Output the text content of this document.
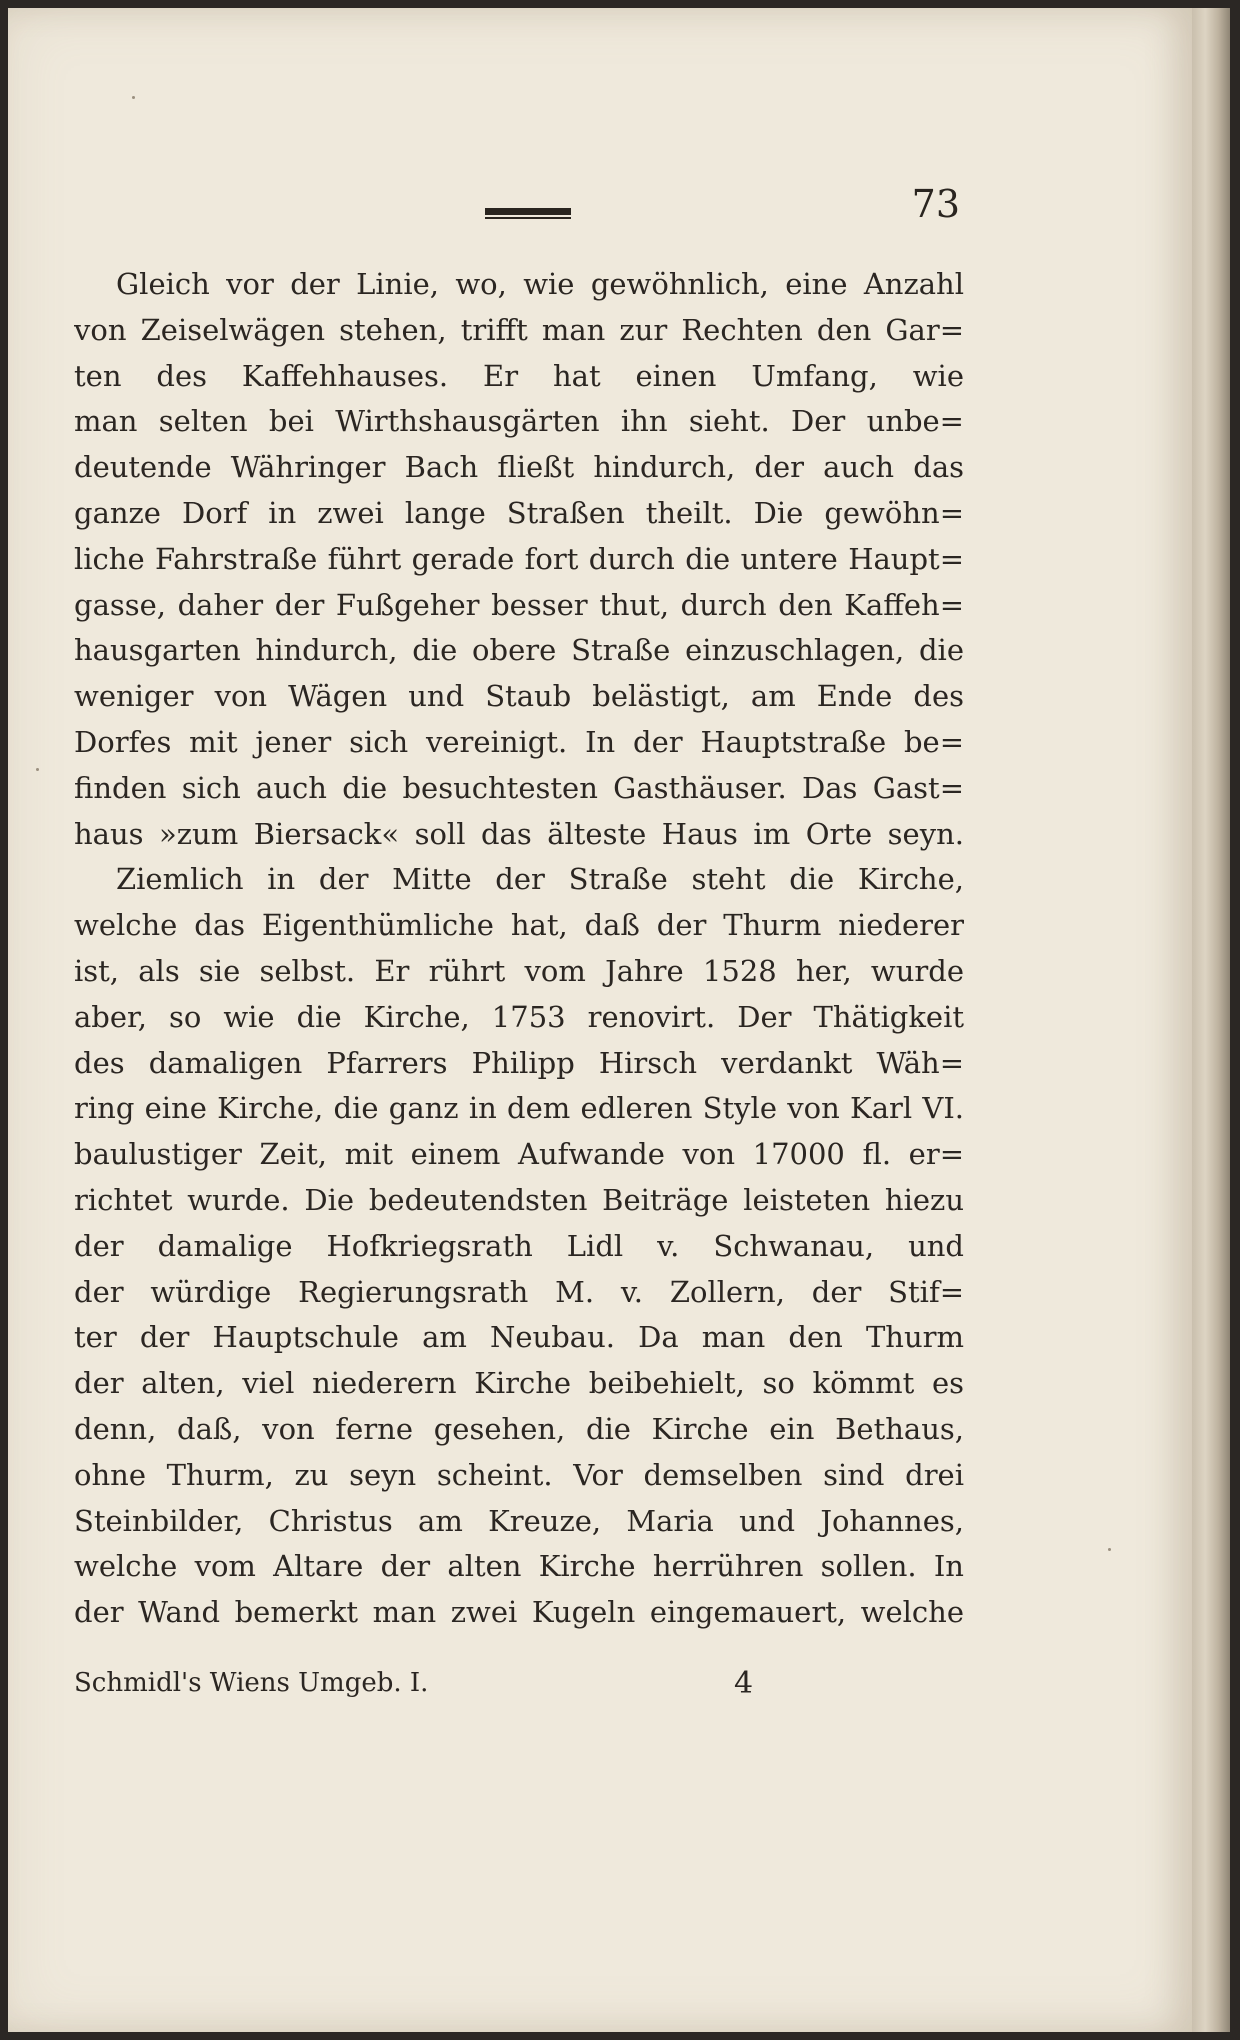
73
Gleich vor der Linie, wo, wie gewöhnlich, eine Anzahl
von Zeiselwägen stehen, trifft man zur Rechten den Gar=
ten des Kaffehhauses. Er hat einen Umfang, wie
man selten bei Wirthshausgärten ihn sieht. Der unbe=
deutende Währinger Bach fließt hindurch, der auch das
ganze Dorf in zwei lange Straßen theilt. Die gewöhn=
liche Fahrstraße führt gerade fort durch die untere Haupt=
gasse, daher der Fußgeher besser thut, durch den Kaffeh=
hausgarten hindurch, die obere Straße einzuschlagen, die
weniger von Wägen und Staub belästigt, am Ende des
Dorfes mit jener sich vereinigt. In der Hauptstraße be=
finden sich auch die besuchtesten Gasthäuser. Das Gast=
haus »zum Biersack« soll das älteste Haus im Orte seyn.
Ziemlich in der Mitte der Straße steht die Kirche,
welche das Eigenthümliche hat, daß der Thurm niederer
ist, als sie selbst. Er rührt vom Jahre 1528 her, wurde
aber, so wie die Kirche, 1753 renovirt. Der Thätigkeit
des damaligen Pfarrers Philipp Hirsch verdankt Wäh=
ring eine Kirche, die ganz in dem edleren Style von Karl VI.
baulustiger Zeit, mit einem Aufwande von 17000 fl. er=
richtet wurde. Die bedeutendsten Beiträge leisteten hiezu
der damalige Hofkriegsrath Lidl v. Schwanau, und
der würdige Regierungsrath M. v. Zollern, der Stif=
ter der Hauptschule am Neubau. Da man den Thurm
der alten, viel niederern Kirche beibehielt, so kömmt es
denn, daß, von ferne gesehen, die Kirche ein Bethaus,
ohne Thurm, zu seyn scheint. Vor demselben sind drei
Steinbilder, Christus am Kreuze, Maria und Johannes,
welche vom Altare der alten Kirche herrühren sollen. In
der Wand bemerkt man zwei Kugeln eingemauert, welche
Schmidl's Wiens Umgeb. I.	4
